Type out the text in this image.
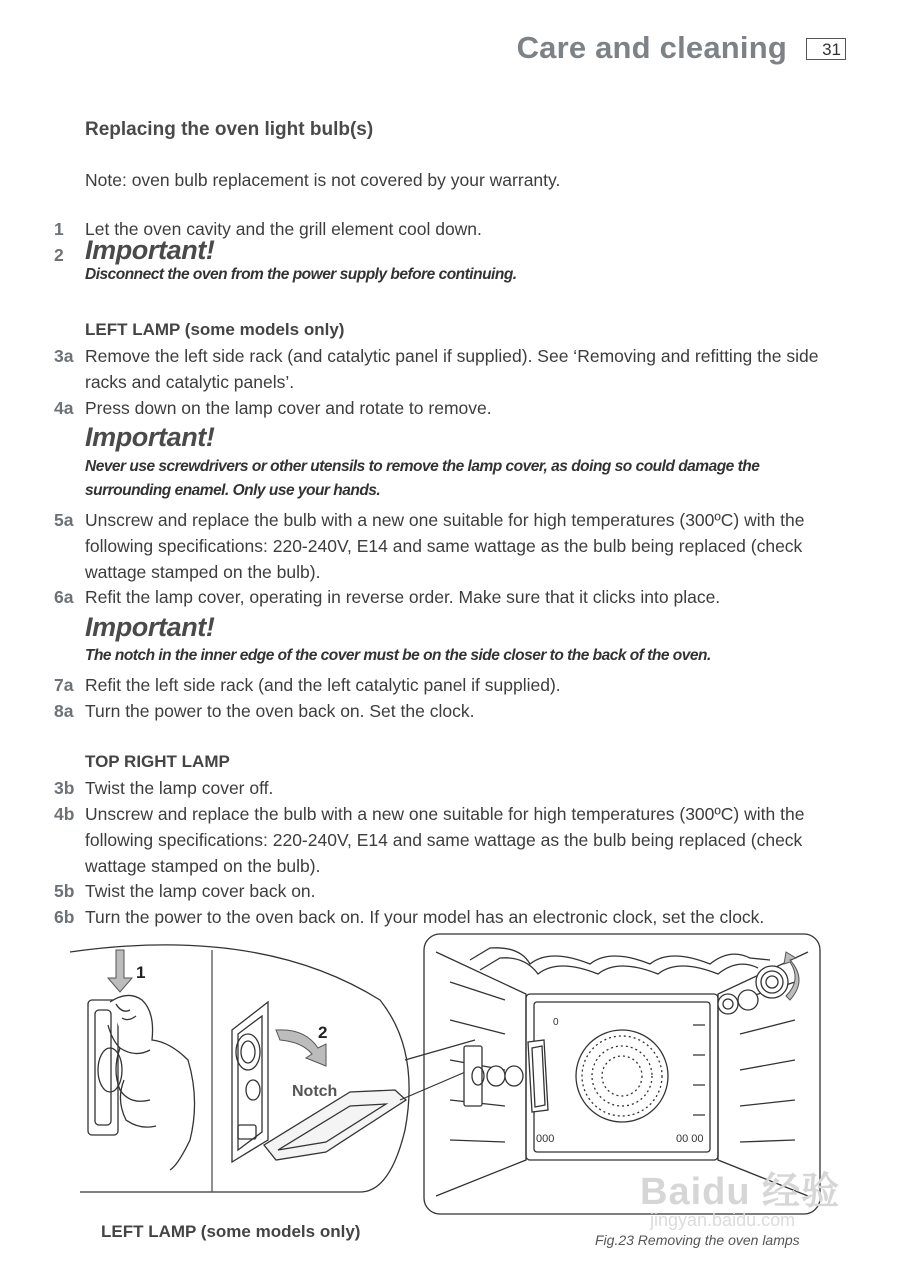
Care and cleaning	31
Replacing the oven light bulb(s)
Note: oven bulb replacement is not covered by your warranty.
1 Let the oven cavity and the grill element cool down.
2 Important!
Disconnect the oven from the power supply before continuing.
LEFT LAMP (some models only)
3a Remove the left side rack (and catalytic panel if supplied). See ‘Removing and refitting the side
racks and catalytic panels’.
4a Press down on the lamp cover and rotate to remove.
Important!
Never use screwdrivers or other utensils to remove the lamp cover, as doing so could damage the
surrounding enamel. Only use your hands.
5a Unscrew and replace the bulb with a new one suitable for high temperatures (300ºC) with the
following specifications: 220-240V, E14 and same wattage as the bulb being replaced (check
wattage stamped on the bulb).
6a Refit the lamp cover, operating in reverse order. Make sure that it clicks into place.
Important!
The notch in the inner edge of the cover must be on the side closer to the back of the oven.
7a Refit the left side rack (and the left catalytic panel if supplied).
8a Turn the power to the oven back on. Set the clock.
TOP RIGHT LAMP
3b Twist the lamp cover off.
4b Unscrew and replace the bulb with a new one suitable for high temperatures (300ºC) with the
following specifications: 220-240V, E14 and same wattage as the bulb being replaced (check
wattage stamped on the bulb).
5b Twist the lamp cover back on.
6b Turn the power to the oven back on. If your model has an electronic clock, set the clock.
1
2
Notch
0
000	00 00
LEFT LAMP (some models only)	Fig.23 Removing the oven lamps
Baidu 经验
jingyan.baidu.com
